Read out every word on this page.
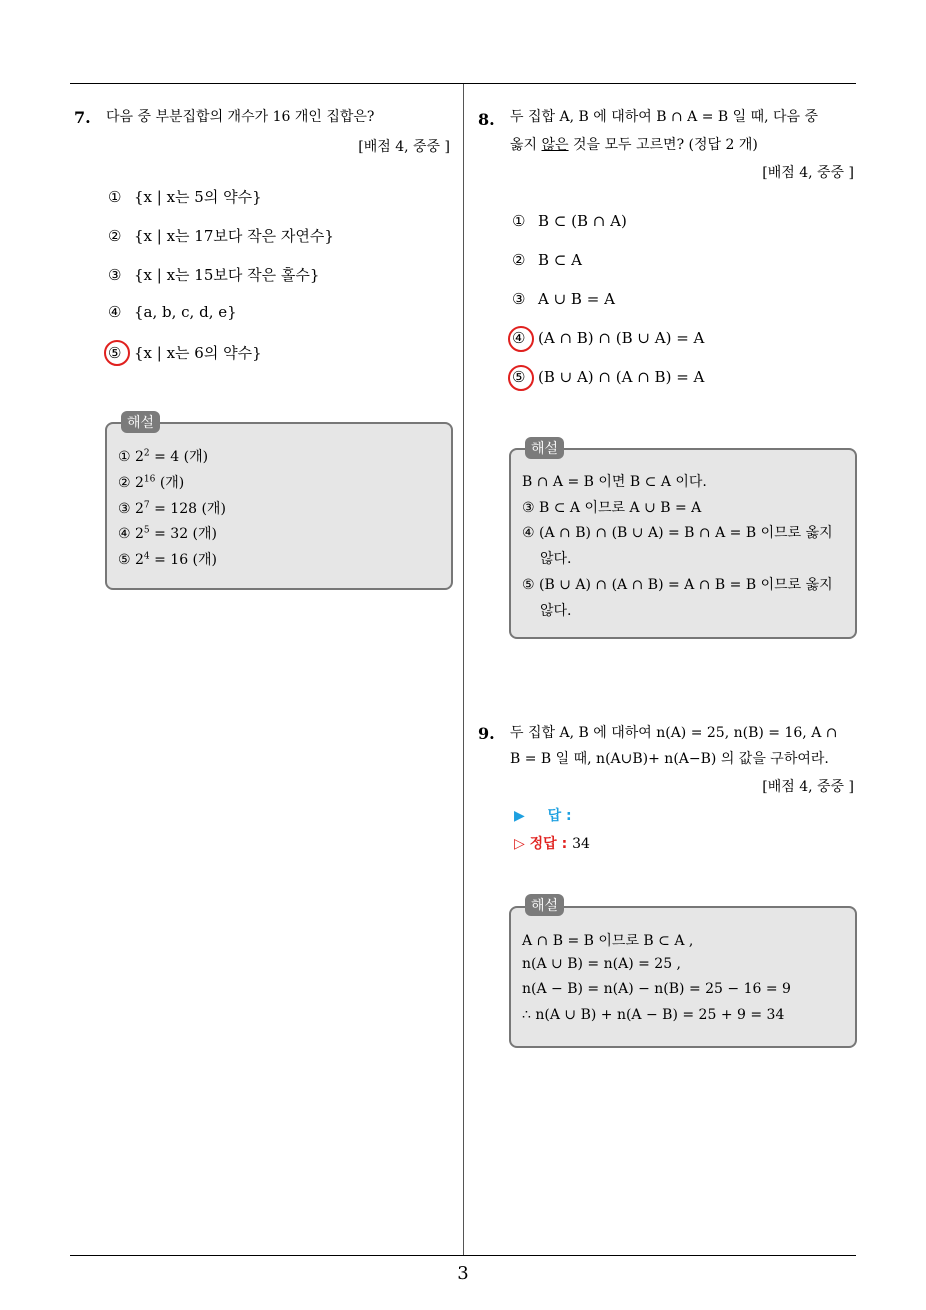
3
7. 다음 중 부분집합의 개수가 16 개인 집합은?
[배점 4, 중중 ]
① {x | x는 5의 약수}
② {x | x는 17보다 작은 자연수}
③ {x | x는 15보다 작은 홀수}
④ {a, b, c, d, e}
⑤ {x | x는 6의 약수}
해설
① $2^2 = 4$ (개)
② $2^{16}$ (개)
③ $2^7 = 128$ (개)
④ $2^5 = 32$ (개)
⑤ $2^4 = 16$ (개)
8. 두 집합 A, B 에 대하여 B ∩ A = B 일 때, 다음 중
옳지 않은 것을 모두 고르면? (정답 2 개)
[배점 4, 중중 ]
① B ⊂ (B ∩ A)
② B ⊂ A
③ A ∪ B = A
④ (A ∩ B) ∩ (B ∪ A) = A
⑤ (B ∪ A) ∩ (A ∩ B) = A
해설
B ∩ A = B 이면 B ⊂ A 이다.
③ B ⊂ A 이므로 A ∪ B = A
④ (A ∩ B) ∩ (B ∪ A) = B ∩ A = B 이므로 옳지
않다.
⑤ (B ∪ A) ∩ (A ∩ B) = A ∩ B = B 이므로 옳지
않다.
9. 두 집합 A, B 에 대하여 n(A) = 25, n(B) = 16, A ∩
B = B 일 때, n(A∪B)+ n(A−B) 의 값을 구하여라.
[배점 4, 중중 ]
▶ 답 :
▷ 정답 : 34
해설
A ∩ B = B 이므로 B ⊂ A ,
n(A ∪ B) = n(A) = 25 ,
n(A − B) = n(A) − n(B) = 25 − 16 = 9
∴ n(A ∪ B) + n(A − B) = 25 + 9 = 34
